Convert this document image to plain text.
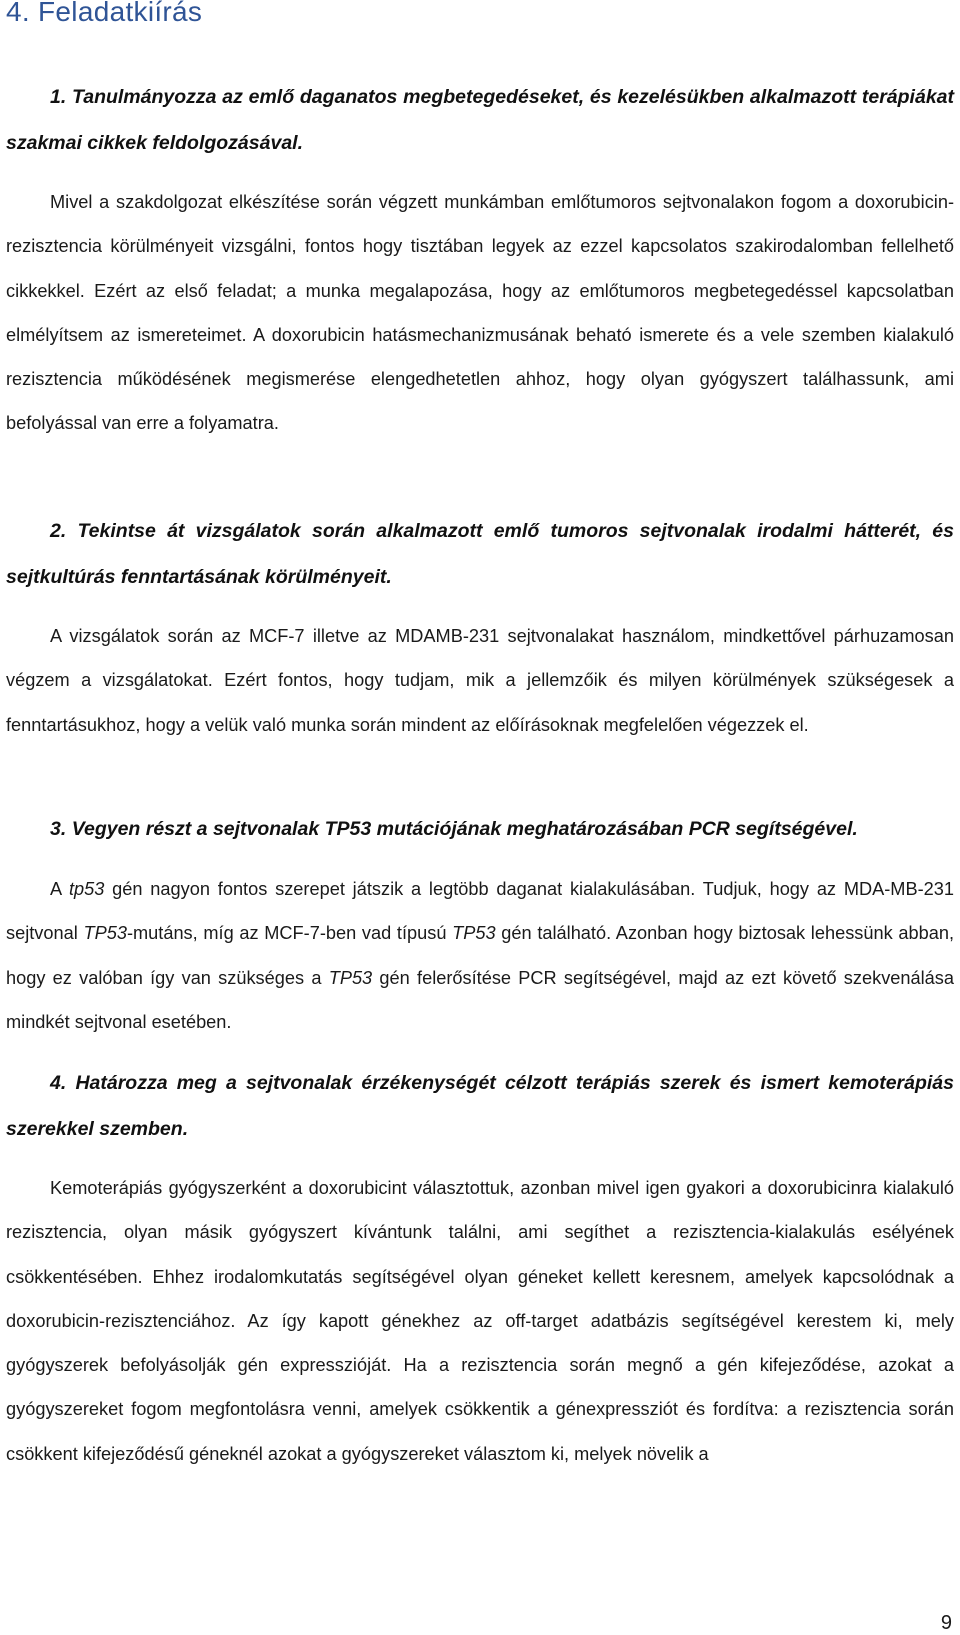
4. Feladatkiírás

1. Tanulmányozza az emlő daganatos megbetegedéseket, és kezelésükben alkalmazott terápiákat szakmai cikkek feldolgozásával.

Mivel a szakdolgozat elkészítése során végzett munkámban emlőtumoros sejtvonalakon fogom a doxorubicin-rezisztencia körülményeit vizsgálni, fontos hogy tisztában legyek az ezzel kapcsolatos szakirodalomban fellelhető cikkekkel. Ezért az első feladat; a munka megalapozása, hogy az emlőtumoros megbetegedéssel kapcsolatban elmélyítsem az ismereteimet. A doxorubicin hatásmechanizmusának beható ismerete és a vele szemben kialakuló rezisztencia működésének megismerése elengedhetetlen ahhoz, hogy olyan gyógyszert találhassunk, ami befolyással van erre a folyamatra.

2. Tekintse át vizsgálatok során alkalmazott emlő tumoros sejtvonalak irodalmi hátterét, és sejtkultúrás fenntartásának körülményeit.

A vizsgálatok során az MCF-7 illetve az MDAMB-231 sejtvonalakat használom, mindkettővel párhuzamosan végzem a vizsgálatokat. Ezért fontos, hogy tudjam, mik a jellemzőik és milyen körülmények szükségesek a fenntartásukhoz, hogy a velük való munka során mindent az előírásoknak megfelelően végezzek el.

3. Vegyen részt a sejtvonalak TP53 mutációjának meghatározásában PCR segítségével.

A tp53 gén nagyon fontos szerepet játszik a legtöbb daganat kialakulásában. Tudjuk, hogy az MDA-MB-231 sejtvonal TP53-mutáns, míg az MCF-7-ben vad típusú TP53 gén található. Azonban hogy biztosak lehessünk abban, hogy ez valóban így van szükséges a TP53 gén felerősítése PCR segítségével, majd az ezt követő szekvenálása mindkét sejtvonal esetében.

4. Határozza meg a sejtvonalak érzékenységét célzott terápiás szerek és ismert kemoterápiás szerekkel szemben.

Kemoterápiás gyógyszerként a doxorubicint választottuk, azonban mivel igen gyakori a doxorubicinra kialakuló rezisztencia, olyan másik gyógyszert kívántunk találni, ami segíthet a rezisztencia-kialakulás esélyének csökkentésében. Ehhez irodalomkutatás segítségével olyan géneket kellett keresnem, amelyek kapcsolódnak a doxorubicin-rezisztenciához. Az így kapott génekhez az off-target adatbázis segítségével kerestem ki, mely gyógyszerek befolyásolják gén expresszióját. Ha a rezisztencia során megnő a gén kifejeződése, azokat a gyógyszereket fogom megfontolásra venni, amelyek csökkentik a génexpressziót és fordítva: a rezisztencia során csökkent kifejeződésű géneknél azokat a gyógyszereket választom ki, melyek növelik a

9
